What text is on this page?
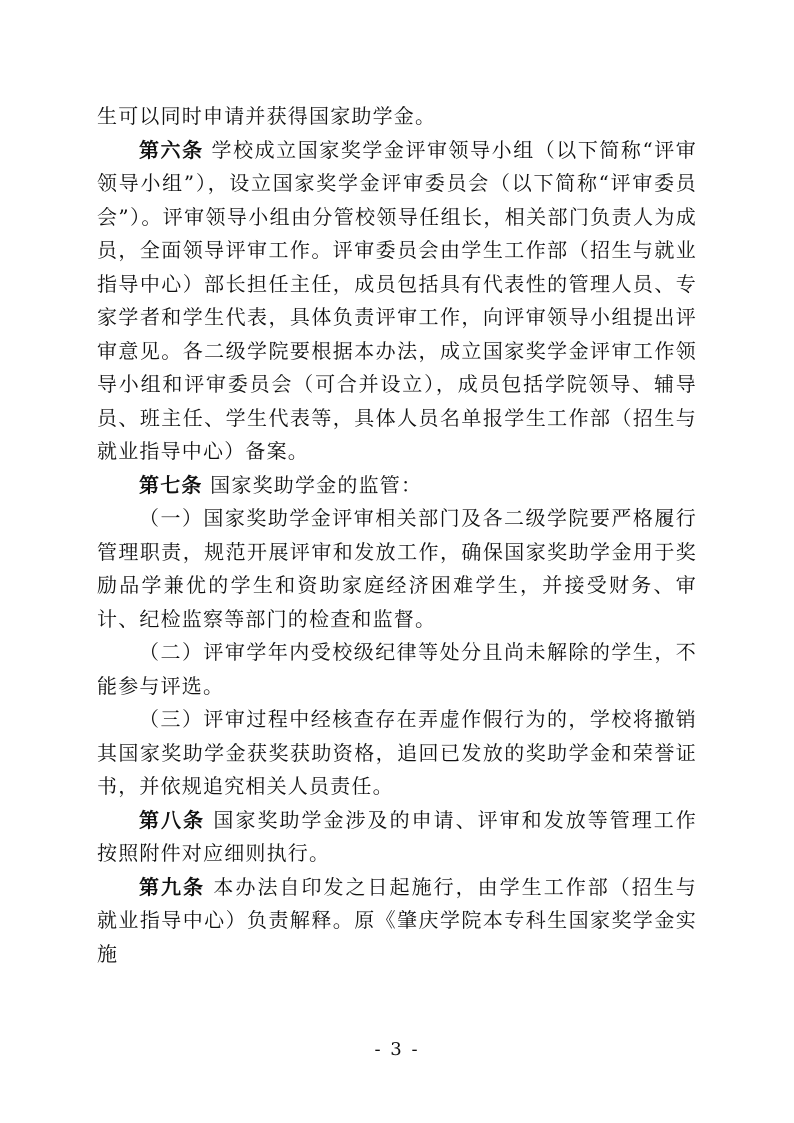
生可以同时申请并获得国家助学金。

第六条 学校成立国家奖学金评审领导小组（以下简称“评审领导小组”），设立国家奖学金评审委员会（以下简称“评审委员会”）。评审领导小组由分管校领导任组长，相关部门负责人为成员，全面领导评审工作。评审委员会由学生工作部（招生与就业指导中心）部长担任主任，成员包括具有代表性的管理人员、专家学者和学生代表，具体负责评审工作，向评审领导小组提出评审意见。各二级学院要根据本办法，成立国家奖学金评审工作领导小组和评审委员会（可合并设立），成员包括学院领导、辅导员、班主任、学生代表等，具体人员名单报学生工作部（招生与就业指导中心）备案。

第七条 国家奖助学金的监管：

（一）国家奖助学金评审相关部门及各二级学院要严格履行管理职责，规范开展评审和发放工作，确保国家奖助学金用于奖励品学兼优的学生和资助家庭经济困难学生，并接受财务、审计、纪检监察等部门的检查和监督。

（二）评审学年内受校级纪律等处分且尚未解除的学生，不能参与评选。

（三）评审过程中经核查存在弄虚作假行为的，学校将撤销其国家奖助学金获奖获助资格，追回已发放的奖助学金和荣誉证书，并依规追究相关人员责任。

第八条 国家奖助学金涉及的申请、评审和发放等管理工作按照附件对应细则执行。

第九条 本办法自印发之日起施行，由学生工作部（招生与就业指导中心）负责解释。原《肇庆学院本专科生国家奖学金实施

- 3 -
